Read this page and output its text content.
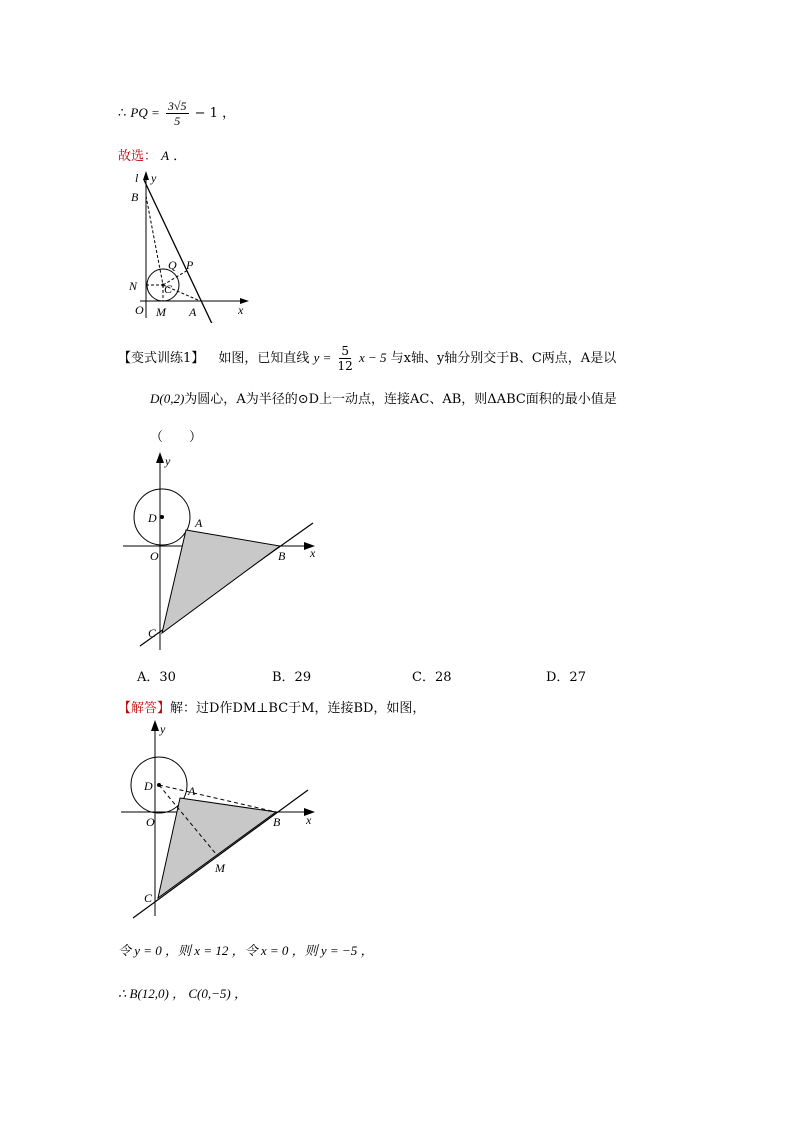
∴ PQ = $\frac{3√5}{5} - 1$ ，
故选： A ．
l y
B
Q P
N C
O M A	x
【变式训练1】 如图，已知直线 $y = \frac{5}{12}$ x − 5 与x轴、y轴分别交于B、C两点，A是以
D(0,2)为圆心，A为半径的⊙D上一动点，连接AC、AB，则ΔABC面积的最小值是
（　　）
y
D	A
O	B x
C
A．30	B．29	C．28	D．27
【解答】解：过D作DM⊥BC于M，连接BD，如图，
y
D	A
O	B x
M
C
令 y = 0 ，则 x = 12 ，令 x = 0 ，则 y = −5 ，
∴ B(12,0) ， C(0,−5) ，
